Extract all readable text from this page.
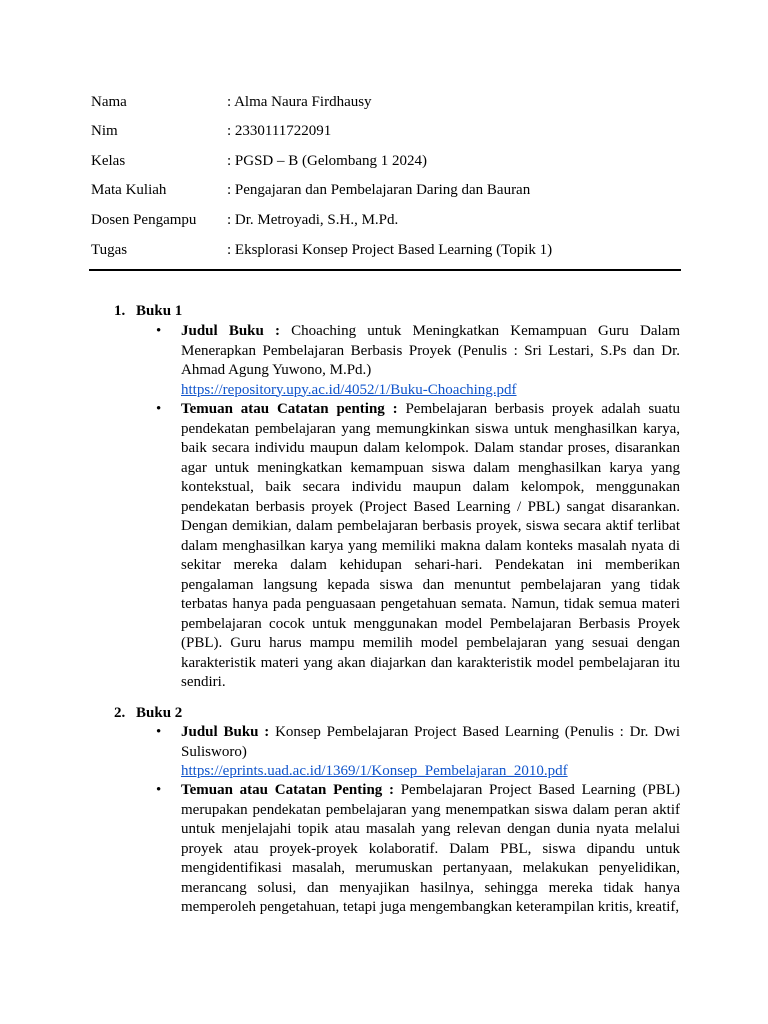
Nama	: Alma Naura Firdhausy
Nim	: 2330111722091
Kelas	: PGSD – B (Gelombang 1 2024)
Mata Kuliah	: Pengajaran dan Pembelajaran Daring dan Bauran
Dosen Pengampu : Dr. Metroyadi, S.H., M.Pd.
Tugas	: Eksplorasi Konsep Project Based Learning (Topik 1)
1. Buku 1
• Judul Buku : Choaching untuk Meningkatkan Kemampuan Guru Dalam Menerapkan Pembelajaran Berbasis Proyek (Penulis : Sri Lestari, S.Ps dan Dr. Ahmad Agung Yuwono, M.Pd.)
https://repository.upy.ac.id/4052/1/Buku-Choaching.pdf
• Temuan atau Catatan penting : Pembelajaran berbasis proyek adalah suatu pendekatan pembelajaran yang memungkinkan siswa untuk menghasilkan karya, baik secara individu maupun dalam kelompok. Dalam standar proses, disarankan agar untuk meningkatkan kemampuan siswa dalam menghasilkan karya yang kontekstual, baik secara individu maupun dalam kelompok, menggunakan pendekatan berbasis proyek (Project Based Learning / PBL) sangat disarankan. Dengan demikian, dalam pembelajaran berbasis proyek, siswa secara aktif terlibat dalam menghasilkan karya yang memiliki makna dalam konteks masalah nyata di sekitar mereka dalam kehidupan sehari-hari. Pendekatan ini memberikan pengalaman langsung kepada siswa dan menuntut pembelajaran yang tidak terbatas hanya pada penguasaan pengetahuan semata. Namun, tidak semua materi pembelajaran cocok untuk menggunakan model Pembelajaran Berbasis Proyek (PBL). Guru harus mampu memilih model pembelajaran yang sesuai dengan karakteristik materi yang akan diajarkan dan karakteristik model pembelajaran itu sendiri.
2. Buku 2
• Judul Buku : Konsep Pembelajaran Project Based Learning (Penulis : Dr. Dwi Sulisworo)
https://eprints.uad.ac.id/1369/1/Konsep_Pembelajaran_2010.pdf
• Temuan atau Catatan Penting : Pembelajaran Project Based Learning (PBL) merupakan pendekatan pembelajaran yang menempatkan siswa dalam peran aktif untuk menjelajahi topik atau masalah yang relevan dengan dunia nyata melalui proyek atau proyek-proyek kolaboratif. Dalam PBL, siswa dipandu untuk mengidentifikasi masalah, merumuskan pertanyaan, melakukan penyelidikan, merancang solusi, dan menyajikan hasilnya, sehingga mereka tidak hanya memperoleh pengetahuan, tetapi juga mengembangkan keterampilan kritis, kreatif,
